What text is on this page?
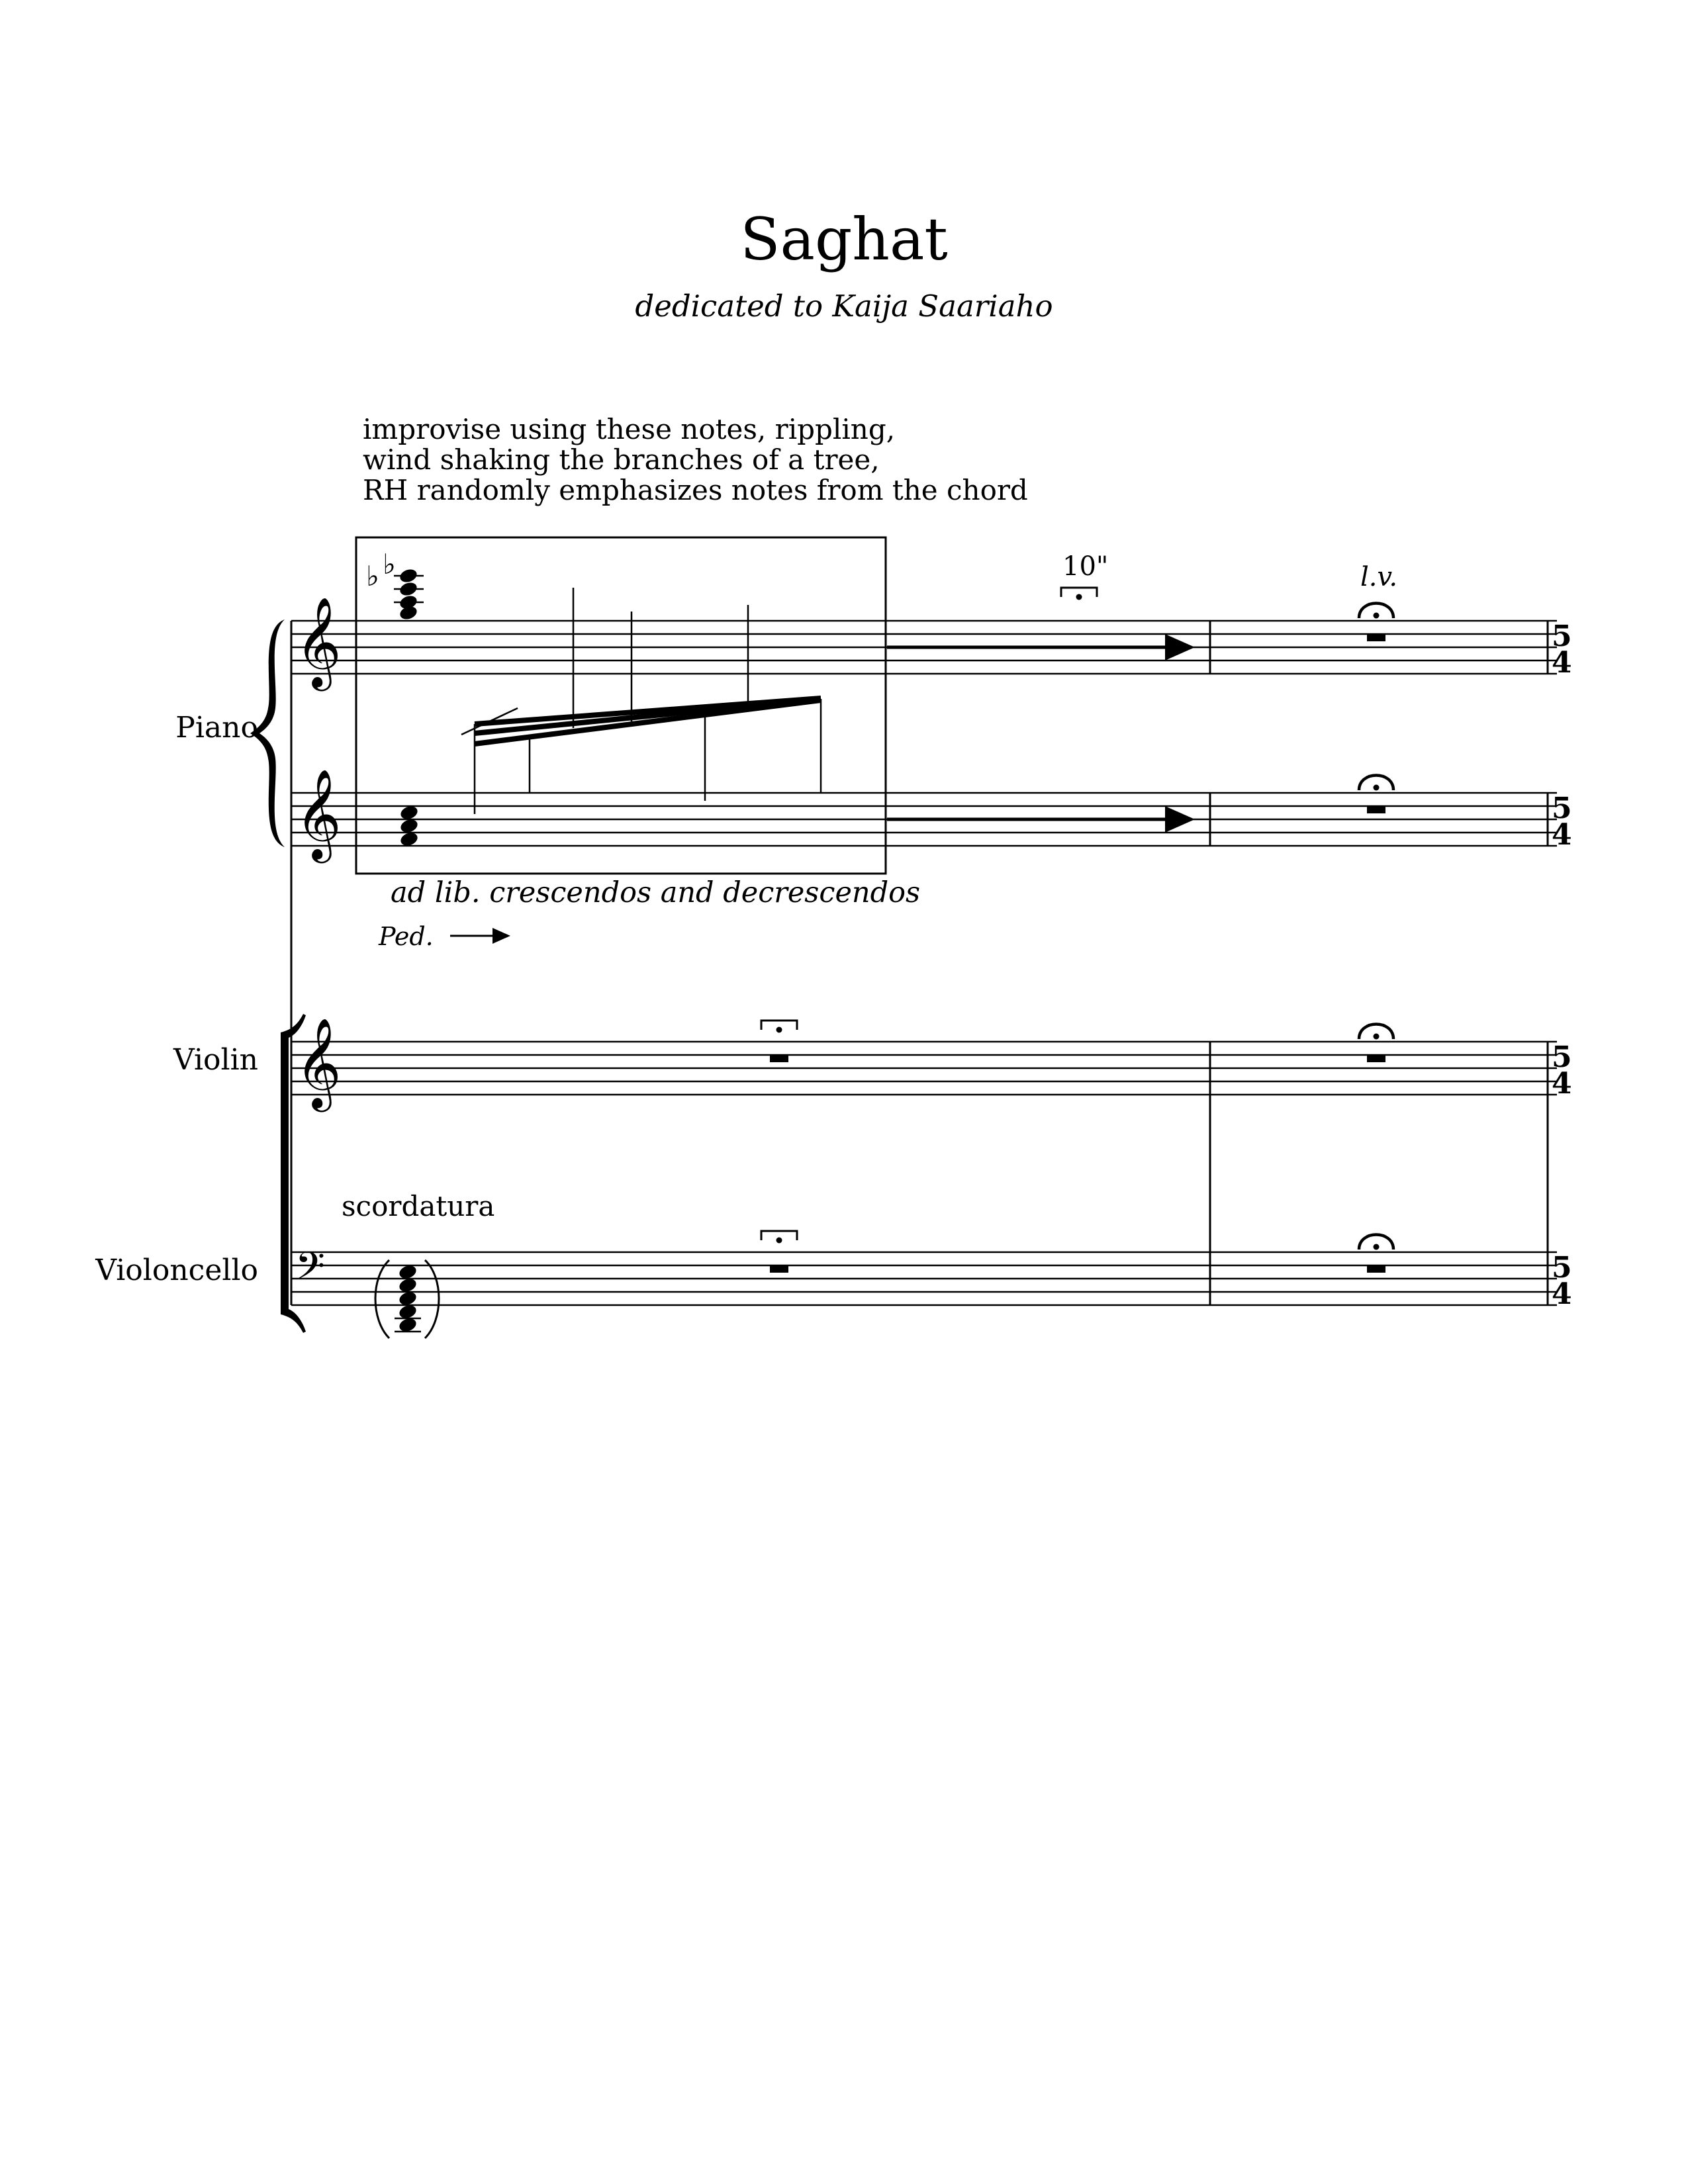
Saghat
dedicated to Kaija Saariaho
improvise using these notes, rippling,
wind shaking the branches of a tree,
RH randomly emphasizes notes from the chord
10"	l.v.
ad lib. crescendos and decrescendos
scordatura
Piano
Violin
Violoncello
𝄞
𝄞
𝄞
𝄢
♭ ♭
Ped.
5
4
5
4
5
4
5
4
